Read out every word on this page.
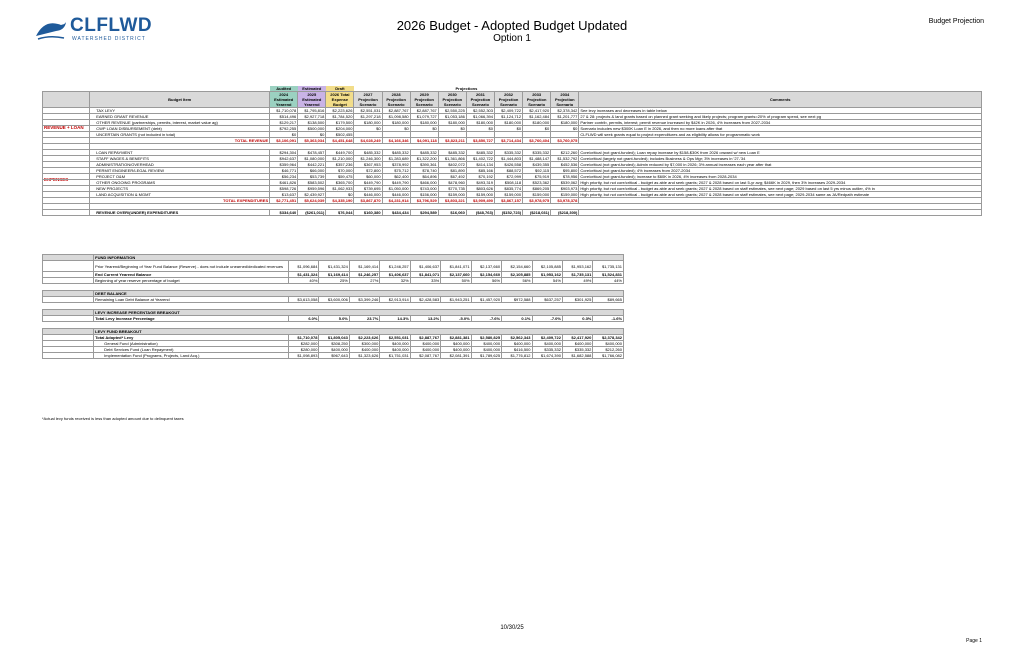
CLFLWD
WATERSHED DISTRICT
2026 Budget - Adopted Budget Updated
Option 1
Budget Projection
REVENUE + LOAN
EXPENSES
		Audited	Estimated	Draft	Projections								
	Budget Item	2024 Estimated Yearend	2025 Estimated Yearend	2026 Total Expense Budget	2027 Projection Scenario	2028 Projection Scenario	2029 Projection Scenario	2030 Projection Scenario	2031 Projection Scenario	2032 Projection Scenario	2033 Projection Scenario	2034 Projection Scenario	Comments
	TAX LEVY	$1,710,078	$1,795,816	$2,223,626	$2,551,031	$2,887,767	$2,887,767	$2,550,225	$2,552,303	$2,409,722	$2,417,920	$2,378,342	See levy increases and decreases in table below
	EARNED GRANT REVENUE	$514,496	$2,927,718	$1,784,520	$1,297,218	$1,098,580	$1,079,727	$1,053,186	$1,066,394	$1,124,712	$1,162,484	$1,201,777	27 & 28: projects & land grants based on planned grant seeking and likely projects; program grants=20% of program spend, see next pg
	OTHER REVENUE (partnerships, permits, interest, market value ag)	$129,217	$138,500	$179,500	$180,000	$180,000	$180,000	$180,000	$180,000	$180,000	$180,000	$180,000	Partner contrib, permits, interest; permit revenue increased by $42K in 2026, 4% increases from 2027-2034
	CWP LOAN DISBURSEMENT (debt)	$792,255	$500,000	$204,000	$0	$0	$0	$0	$0	$0	$0	$0	Scenario includes new $300K Loan E in 2026, and then no more loans after that
	UNCERTAIN GRANTS (not included in total)	$0	$0	$502,455									CLFLWD will seek grants equal to project expenditures and as eligibility allows for programmatic work
	TOTAL REVENUE	$3,106,091	$5,363,034	$4,451,648	$4,028,249	$4,166,346	$4,091,118	$3,823,211	$3,850,727	$3,714,434	$3,760,404	$3,760,075	

	LOAN REPAYMENT	$294,304	$478,457	$449,700	$485,332	$485,332	$485,332	$485,332	$485,332	$335,332	$335,332	$212,260	Core/critical (not grant-funded); Loan repay increase by $158-$30K from 2026 onward w/ new Loan E
	STAFF WAGES & BENEFITS	$942,637	$1,080,000	$1,210,000	$1,246,300	$1,283,689	$1,322,200	$1,361,866	$1,402,722	$1,444,803	$1,488,147	$1,532,792	Core/critical (largely not grant-funded); includes Business & Ops Mgr; 3% increases in '27-'34
	ADMINISTRATION/OVERHEAD	$359,964	$442,221	$357,236	$367,953	$378,992	$390,361	$402,072	$414,134	$426,558	$439,355	$452,536	Core/critical (not grant-funded); Admin reduced by $7,000 in 2026; 3% annual increases each year after that
	PERMIT ENGINEER/LEGAL REVIEW	$46,771	$66,000	$70,000	$72,800	$75,712	$78,740	$81,890	$85,166	$88,572	$92,115	$95,800	Core/critical (not grant-funded); 4% increases from 2027-2034
	PROJECT O&M	$56,234	$53,739	$59,475	$60,000	$62,400	$64,896	$67,492	$70,192	$72,999	$75,919	$78,956	Core/critical (not grant-funded); increase to $60K in 2026, 4% increases from 2028-2034
	OTHER ONGOING PROGRAMS	$461,826	$583,502	$365,700	$449,790	$449,790	$466,000	$478,960	$493,319	$508,118	$523,362	$539,062	High priority, but not core/critical - budget as able and seek grants; 2027 & 2028 based on last 5-yr avg; $466K in 2029, then 3% increases 2029-2034
	NEW PROJECTS	$598,726	$959,596	$1,062,933	$739,695	$1,050,000	$743,000	$770,735	$803,626	$835,774	$869,205	$903,973	High priority, but not core/critical - budget as able and seek grants; 2027 & 2028 based on staff estimates, see next page; 2029 based on last 5 yrs minus outlier, 4% in
	LAND ACQUISITION & MGMT	$13,637	$2,439,927	$0	$446,000	$446,000	$156,000	$159,000	$159,000	$159,000	$159,000	$159,000	High priority, but not core/critical - budget as able and seek grants; 2027 & 2028 based on staff estimates, see next page; 2029-2034 same as JA/Redpath estimate
	TOTAL EXPENDITURES	$2,771,451	$5,624,039	$4,335,190	$3,867,870	$4,231,914	$3,796,529	$3,803,221	$3,909,490	$3,867,157	$3,978,975	$3,978,378	

	REVENUE OVER/(UNDER) EXPENDITURES	$334,640	($261,011)	$76,044	$160,380	$434,434	$294,589	$16,060	($48,763)	($152,723)	($218,031)	($218,300)	
	FUND INFORMATION											
	Prior Yearend/Beginning of Year Fund Balance (Reserve) - does not include unearned/dedicated revenues	$1,096,684	$1,431,324	$1,169,414	$1,246,257	$1,406,637	$1,841,071	$2,137,660	$2,154,660	$2,105,885	$1,953,162	$1,735,131
	End Current Yearend Balance	$1,431,324	$1,169,414	$1,246,257	$1,406,637	$1,841,071	$2,137,660	$2,154,660	$2,105,885	$1,953,162	$1,735,131	$1,524,831
	Beginning of year reserve percentage of budget	40%	25%	27%	32%	33%	50%	56%	56%	54%	49%	44%

	DEBT BALANCE											
	Remaining Loan Debt Balance at Yearend	$3,613,058	$3,600,006	$3,399,246	$2,913,914	$2,428,583	$1,943,251	$1,457,920	$972,588	$637,257	$301,925	$89,665

	LEVY INCREASE PERCENTAGE BREAKOUT											
	Total Levy Increase Percentage	6.0%	5.0%	23.7%	14.3%	13.2%	-5.0%	-7.6%	0.1%	-7.0%	0.3%	-1.6%

	LEVY FUND BREAKOUT											
	Total Adopted* Levy	$1,710,078	$1,805,043	$2,223,626	$2,551,031	$2,887,767	$2,881,381	$2,580,825	$2,562,343	$2,409,722	$2,417,920	$2,378,342
	General Fund (Administration)	$282,000	$308,250	$300,000	$400,000	$400,000	$400,000	$400,000	$400,000	$400,000	$400,000	$400,000
	Debt Services Fund (Loan Repayment)	$280,000	$400,000	$400,000	$400,000	$400,000	$400,000	$400,000	$416,500	$335,332	$335,332	$212,260
	Implementation Fund (Programs, Projects, Land Acq.)	$1,098,893	$967,643	$1,323,626	$1,751,031	$2,087,767	$2,081,391	$1,789,625	$1,776,812	$1,674,390	$1,682,588	$1,766,082
*Actual levy funds received is less than adopted amount due to delinquent taxes
10/30/25
Page 1
